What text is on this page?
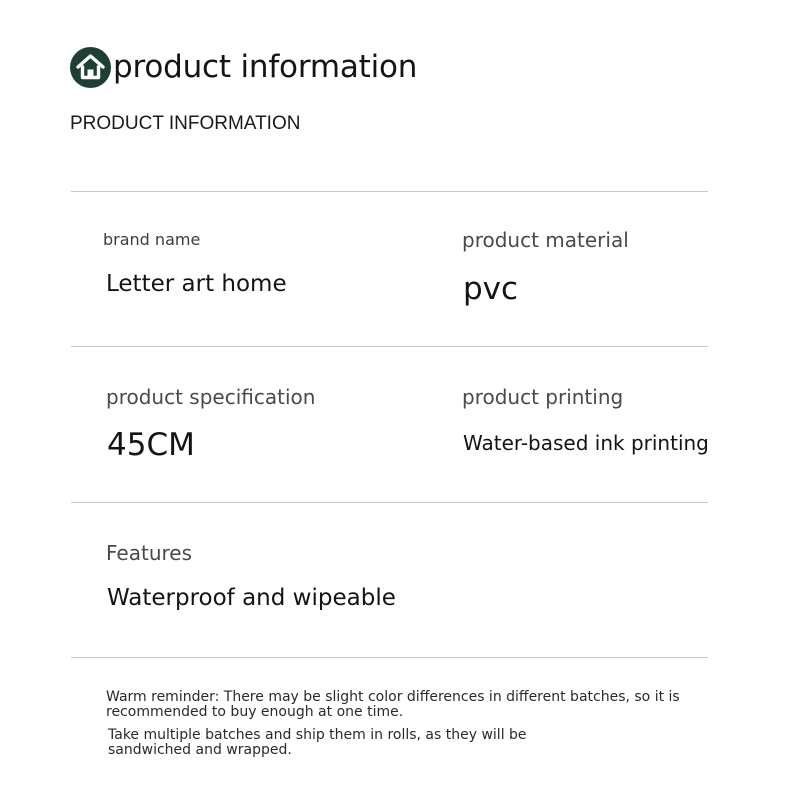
product information
PRODUCT INFORMATION
brand name
Letter art home
product material
pvc
product specification
45CM
product printing
Water-based ink printing
Features
Waterproof and wipeable
Warm reminder: There may be slight color differences in different batches, so it is recommended to buy enough at one time.
Take multiple batches and ship them in rolls, as they will be sandwiched and wrapped.
